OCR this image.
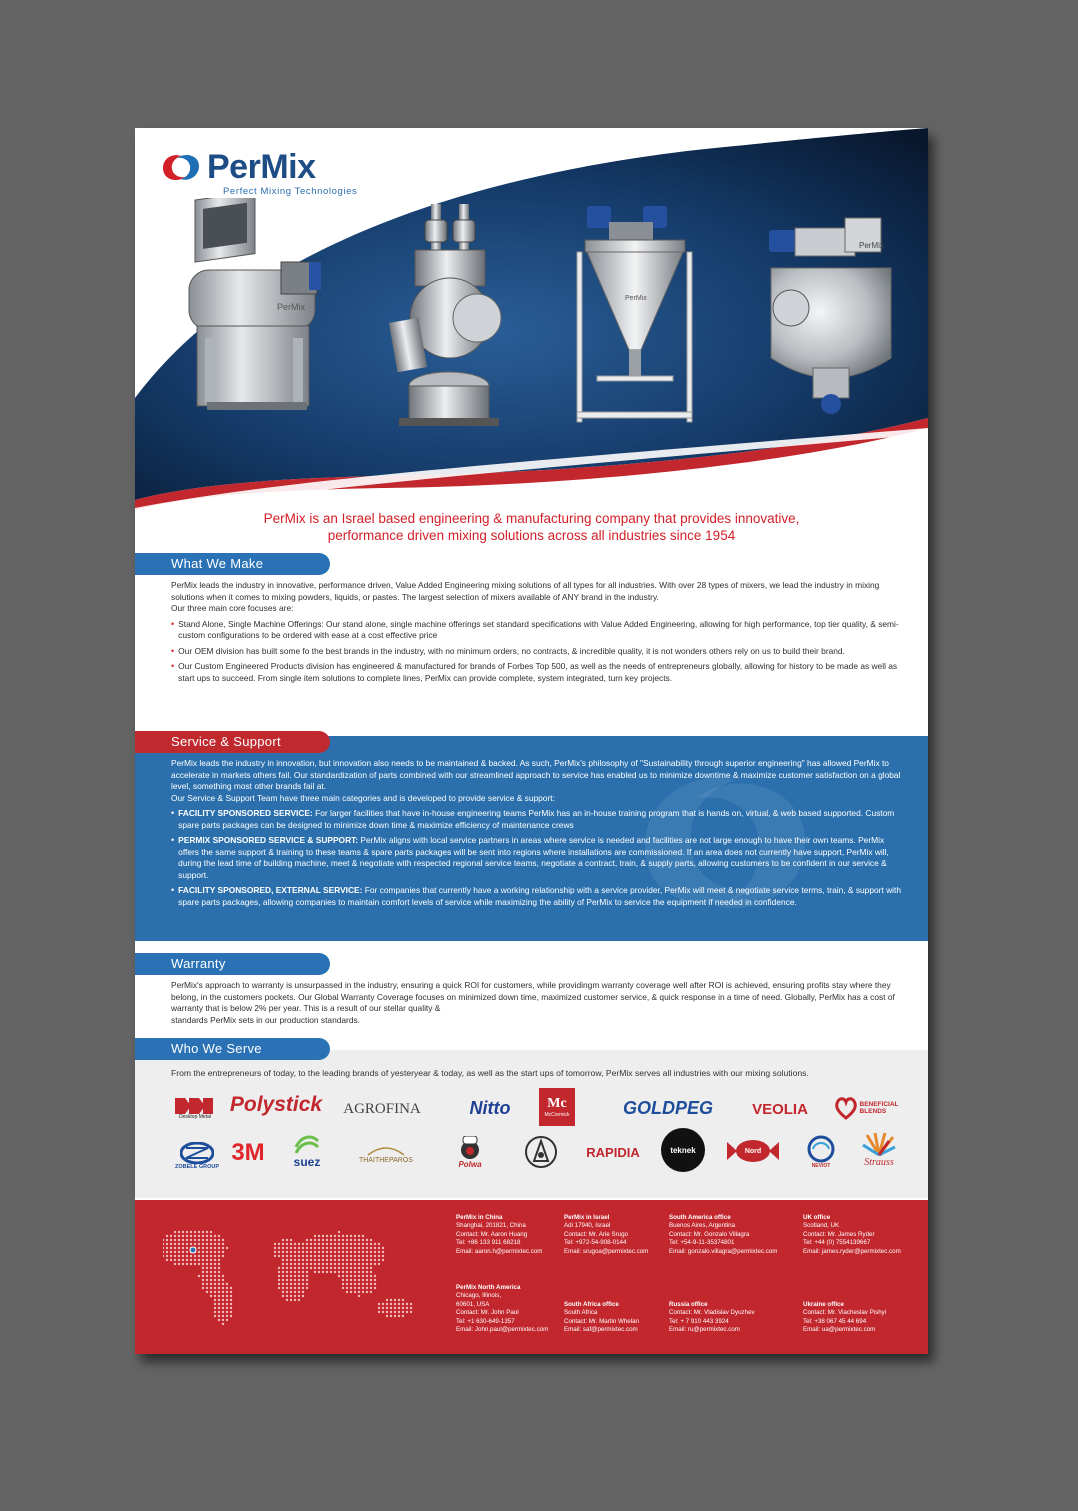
PerMix
Perfect Mixing Technologies
PerMix
PerMix
PerMix
PerMix is an Israel based engineering & manufacturing company that provides innovative,
performance driven mixing solutions across all industries since 1954
What We Make
PerMix leads the industry in innovative, performance driven, Value Added Engineering mixing solutions of all types for all industries. With over 28 types of mixers, we lead the industry in mixing solutions when it comes to mixing powders, liquids, or pastes. The largest selection of mixers available of ANY brand in the industry.

Our three main core focuses are:

• Stand Alone, Single Machine Offerings: Our stand alone, single machine offerings set standard specifications with Value Added Engineering, allowing for high performance, top tier quality, & semi-custom configurations to be ordered with ease at a cost effective price
• Our OEM division has built some fo the best brands in the industry, with no minimum orders, no contracts, & incredible quality, it is not wonders others rely on us to build their brand.
• Our Custom Engineered Products division has engineered & manufactured for brands of Forbes Top 500, as well as the needs of entrepreneurs globally, allowing for history to be made as well as start ups to succeed. From single item solutions to complete lines, PerMix can provide complete, system integrated, turn key projects.
Service & Support
PerMix leads the industry in innovation, but innovation also needs to be maintained & backed. As such, PerMix's philosophy of "Sustainability through superior engineering" has allowed PerMix to accelerate in markets others fail. Our standardization of parts combined with our streamlined approach to service has enabled us to minimize downtime & maximize customer satisfaction on a global level, something most other brands fail at.

Our Service & Support Team have three main categories and is developed to provide service & support:

• FACILITY SPONSORED SERVICE: For larger facilities that have in-house engineering teams PerMix has an in-house training program that is hands on, virtual, & web based supported. Custom spare parts packages can be designed to minimize down time & maximize efficiency of maintenance crews
• PERMIX SPONSORED SERVICE & SUPPORT: PerMix aligns with local service partners in areas where service is needed and facilities are not large enough to have their own teams. PerMix offers the same support & training to these teams & spare parts packages will be sent into regions where installations are commissioned. If an area does not currently have support, PerMix will, during the lead time of building machine, meet & negotiate with respected regional service teams, negotiate a contract, train, & supply parts, allowing customers to be confident in our service & support.
• FACILITY SPONSORED, EXTERNAL SERVICE: For companies that currently have a working relationship with a service provider, PerMix will meet & negotiate service terms, train, & support with spare parts packages, allowing companies to maintain comfort levels of service while maximizing the ability of PerMix to service the equipment if needed in confidence.
Warranty
PerMix's approach to warranty is unsurpassed in the industry, ensuring a quick ROI for customers, while providingm warranty coverage well after ROI is achieved, ensuring profits stay where they belong, in the customers pockets. Our Global Warranty Coverage focuses on minimized down time, maximized customer service, & quick response in a time of need. Globally, PerMix has a cost of warranty that is below 2% per year. This is a result of our stellar quality &
standards PerMix sets in our production standards.
Who We Serve
From the entrepreneurs of today, to the leading brands of yesteryear & today, as well as the start ups of tomorrow, PerMix serves all industries with our mixing solutions.
Desktop Metal
Polystick AGROFINA	Nitto	Mc
McCormick	GOLDPEG	VEOLIA	BENEFICIAL BLENDS
ZOBELE GROUP
3M	suez	THAITHEPAROS	Polwa
RAPIDIA	teknek	Nord
NEVIOT	Strauss
PerMix in China
Shanghai, 201821, China
Contact: Mr. Aaron Huang
Tel: +86 133 911 68218
Email: aaron.h@permixtec.com
PerMix in Israel
Adi 17940, Israel
Contact: Mr. Arie Srugo
Tel: +972-54-908-0144
Email: srugoa@permixtec.com
South America office
Buenos Aires, Argentina
Contact: Mr. Gonzalo Villagra
Tel: +54-9-11-35374801
Email: gonzalo.villagra@permixtec.com
UK office
Scotland, UK
Contact: Mr. James Ryder
Tel: +44 (0) 7554139667
Email: james.ryder@permixtec.com
PerMix North America
Chicago, Illinois,
60601, USA
Contact: Mr. John Paul
Tel: +1 630-649-1357
Email: John.paul@permixtec.com
South Africa office
South Africa
Contact: Mr. Martin Whelan
Email: saf@permixtec.com
Russia office
Contact: Mr. Vladislav Dyuzhev
Tel: + 7 910 443 3924
Email: ru@permixtec.com
Ukraine office
Contact: Mr. Viacheslav Pishyi
Tel: +38 067 45 44 694
Email: ua@permixtec.com
